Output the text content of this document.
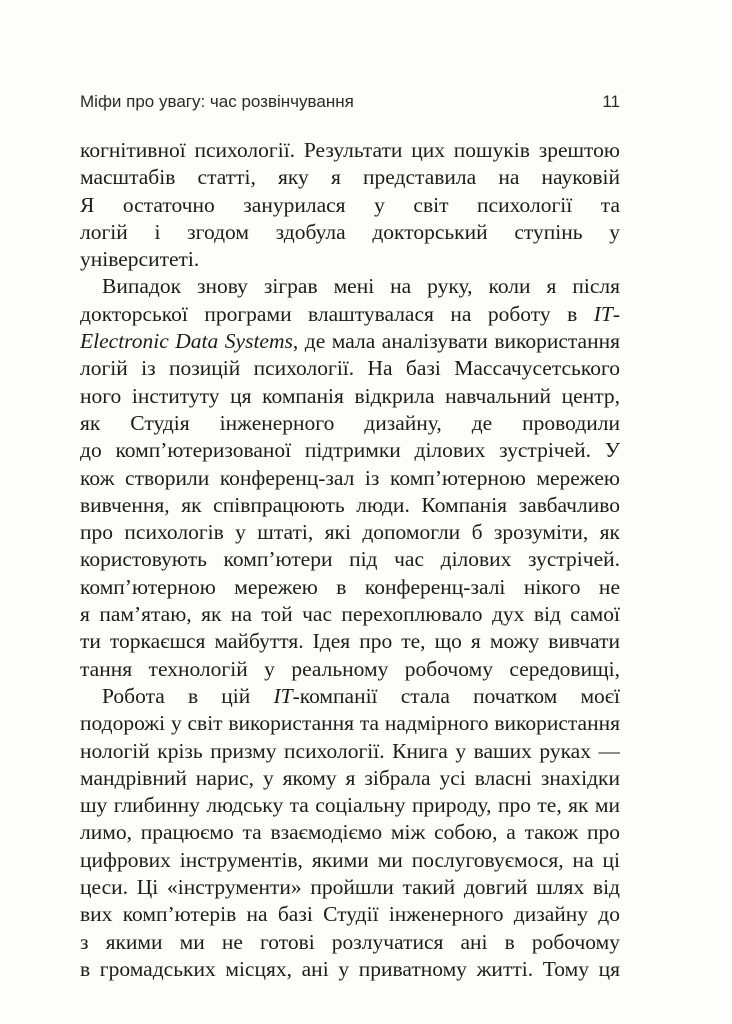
Міфи про увагу: час розвінчування	11
когнітивної психології. Результати цих пошуків зрештою
масштабів статті, яку я представила на науковій
Я остаточно занурилася у світ психології та
логій і згодом здобула докторський ступінь у
університеті.
Випадок знову зіграв мені на руку, коли я після
докторської програми влаштувалася на роботу в IT-
Electronic Data Systems, де мала аналізувати використання
логій із позицій психології. На базі Массачусетського
ного інституту ця компанія відкрила навчальний центр,
як Студія інженерного дизайну, де проводили
до комп’ютеризованої підтримки ділових зустрічей. У
кож створили конференц-зал із комп’ютерною мережею
вивчення, як співпрацюють люди. Компанія завбачливо
про психологів у штаті, які допомогли б зрозуміти, як
користовують комп’ютери під час ділових зустрічей.
комп’ютерною мережею в конференц-залі нікого не
я пам’ятаю, як на той час перехоплювало дух від самої
ти торкаєшся майбуття. Ідея про те, що я можу вивчати
тання технологій у реальному робочому середовищі,
Робота в цій IT-компанії стала початком моєї
подорожі у світ використання та надмірного використання
нологій крізь призму психології. Книга у ваших руках —
мандрівний нарис, у якому я зібрала усі власні знахідки
шу глибинну людську та соціальну природу, про те, як ми
лимо, працюємо та взаємодіємо між собою, а також про
цифрових інструментів, якими ми послуговуємося, на ці
цеси. Ці «інструменти» пройшли такий довгий шлях від
вих комп’ютерів на базі Студії інженерного дизайну до
з якими ми не готові розлучатися ані в робочому
в громадських місцях, ані у приватному житті. Тому ця
